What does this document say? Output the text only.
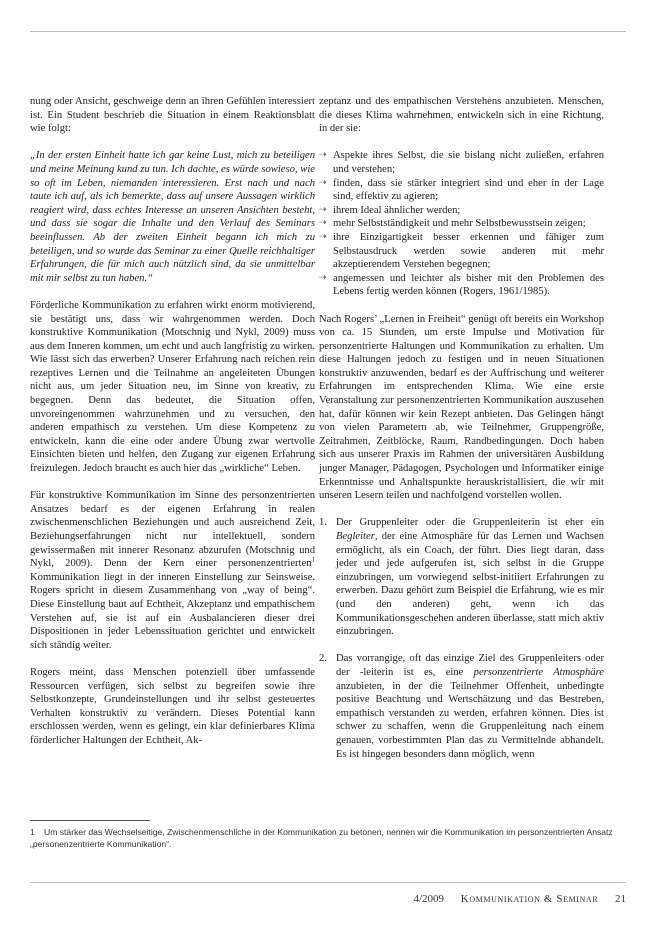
nung oder Ansicht, geschweige denn an ihren Gefühlen interessiert ist. Ein Student beschrieb die Situation in einem Reaktionsblatt wie folgt:

„In der ersten Einheit hatte ich gar keine Lust, mich zu beteiligen und meine Meinung kund zu tun. Ich dachte, es würde sowieso, wie so oft im Leben, niemanden interessieren. Erst nach und nach taute ich auf, als ich bemerkte, dass auf unsere Aussagen wirklich reagiert wird, dass echtes Interesse an unseren Ansichten besteht, und dass sie sogar die Inhalte und den Verlauf des Seminars beeinflussen. Ab der zweiten Einheit begann ich mich zu beteiligen, und so wurde das Seminar zu einer Quelle reichhaltiger Erfahrungen, die für mich auch nützlich sind, da sie unmittelbar mit mir selbst zu tun haben.“

Förderliche Kommunikation zu erfahren wirkt enorm motivierend, sie bestätigt uns, dass wir wahrgenommen werden. Doch konstruktive Kommunikation (Motschnig und Nykl, 2009) muss aus dem Inneren kommen, um echt und auch langfristig zu wirken. Wie lässt sich das erwerben? Unserer Erfahrung nach reichen rein rezeptives Lernen und die Teilnahme an angeleiteten Übungen nicht aus, um jeder Situation neu, im Sinne von kreativ, zu begegnen. Denn das bedeutet, die Situation offen, unvoreingenommen wahrzunehmen und zu versuchen, den anderen empathisch zu verstehen. Um diese Kompetenz zu entwickeln, kann die eine oder andere Übung zwar wertvolle Einsichten bieten und helfen, den Zugang zur eigenen Erfahrung freizulegen. Jedoch braucht es auch hier das „wirkliche“ Leben.

Für konstruktive Kommunikation im Sinne des personzentrierten Ansatzes bedarf es der eigenen Erfahrung in realen zwischenmenschlichen Beziehungen und auch ausreichend Zeit, Beziehungserfahrungen nicht nur intellektuell, sondern gewissermaßen mit innerer Resonanz abzurufen (Motschnig und Nykl, 2009). Denn der Kern einer personenzentrierten$^1$ Kommunikation liegt in der inneren Einstellung zur Seinsweise. Rogers spricht in diesem Zusammenhang von „way of being“. Diese Einstellung baut auf Echtheit, Akzeptanz und empathischem Verstehen auf, sie ist auf ein Ausbalancieren dieser drei Dispositionen in jeder Lebenssituation gerichtet und entwickelt sich ständig weiter.

Rogers meint, dass Menschen potenziell über umfassende Ressourcen verfügen, sich selbst zu begreifen sowie ihre Selbstkonzepte, Grundeinstellungen und ihr selbst gesteuertes Verhalten konstruktiv zu verändern. Dieses Potential kann erschlossen werden, wenn es gelingt, ein klar definierbares Klima förderlicher Haltungen der Echtheit, Ak-

zeptanz und des empathischen Verstehens anzubieten. Menschen, die dieses Klima wahrnehmen, entwickeln sich in eine Richtung, in der sie:

⇢ Aspekte ihres Selbst, die sie bislang nicht zuließen, erfahren und verstehen;
⇢ finden, dass sie stärker integriert sind und eher in der Lage sind, effektiv zu agieren;
⇢ ihrem Ideal ähnlicher werden;
⇢ mehr Selbstständigkeit und mehr Selbstbewusstsein zeigen;
⇢ ihre Einzigartigkeit besser erkennen und fähiger zum Selbstausdruck werden sowie anderen mit mehr akzeptierendem Verstehen begegnen;
⇢ angemessen und leichter als bisher mit den Problemen des Lebens fertig werden können (Rogers, 1961/1985).

Nach Rogers’ „Lernen in Freiheit“ genügt oft bereits ein Workshop von ca. 15 Stunden, um erste Impulse und Motivation für personzentrierte Haltungen und Kommunikation zu erhalten. Um diese Haltungen jedoch zu festigen und in neuen Situationen konstruktiv anzuwenden, bedarf es der Auffrischung und weiterer Erfahrungen im entsprechenden Klima. Wie eine erste Veranstaltung zur personenzentrierten Kommunikation auszusehen hat, dafür können wir kein Rezept anbieten. Das Gelingen hängt von vielen Parametern ab, wie Teilnehmer, Gruppengröße, Zeitrahmen, Zeitblöcke, Raum, Randbedingungen. Doch haben sich aus unserer Praxis im Rahmen der universitären Ausbildung junger Manager, Pädagogen, Psychologen und Informatiker einige Erkenntnisse und Anhaltspunkte herauskristallisiert, die wir mit unseren Lesern teilen und nachfolgend vorstellen wollen.

1. Der Gruppenleiter oder die Gruppenleiterin ist eher ein Begleiter, der eine Atmosphäre für das Lernen und Wachsen ermöglicht, als ein Coach, der führt. Dies liegt daran, dass jeder und jede aufgerufen ist, sich selbst in die Gruppe einzubringen, um vorwiegend selbst-initiiert Erfahrungen zu erwerben. Dazu gehört zum Beispiel die Erfahrung, wie es mir (und den anderen) geht, wenn ich das Kommunikationsgeschehen anderen überlasse, statt mich aktiv einzubringen.
2. Das vorrangige, oft das einzige Ziel des Gruppenleiters oder der -leiterin ist es, eine personzentrierte Atmosphäre anzubieten, in der die Teilnehmer Offenheit, unbedingte positive Beachtung und Wertschätzung und das Bestreben, empathisch verstanden zu werden, erfahren können. Dies ist schwer zu schaffen, wenn die Gruppenleitung nach einem genauen, vorbestimmten Plan das zu Vermittelnde abhandelt. Es ist hingegen besonders dann möglich, wenn
1 Um stärker das Wechselseitige, Zwischenmenschliche in der Kommunikation zu betonen, nennen wir die Kommunikation im personzentrierten Ansatz „personenzentrierte Kommunikation“.
4/2009 Kommunikation & Seminar 21
